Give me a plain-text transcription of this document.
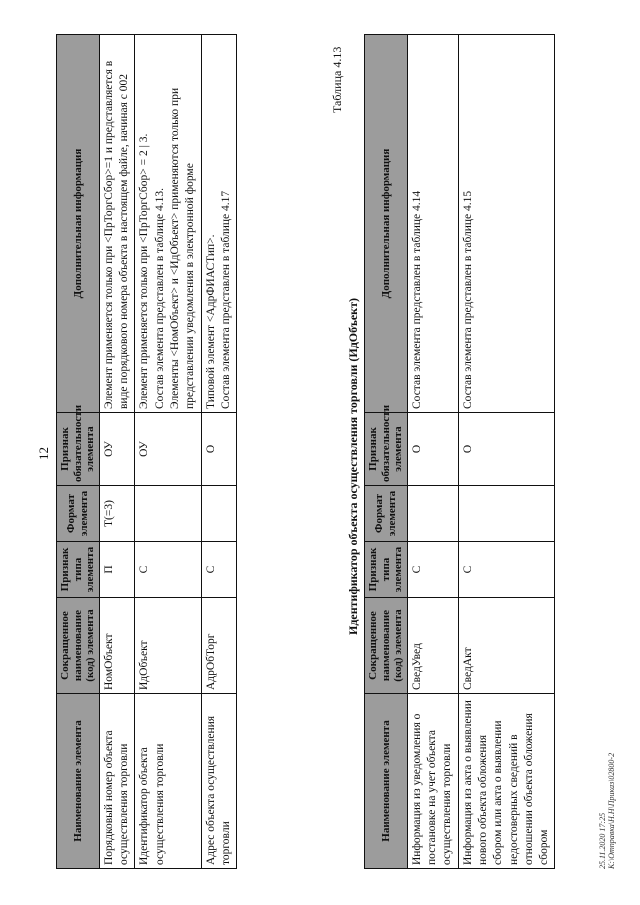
12
Наименование элемента	Сокращенное наименование (код) элемента	Признак типа элемента	Формат элемента	Признак обязательности элемента	Дополнительная информация
Порядковый номер объекта осуществления торговли	НомОбъект	П	T(=3)	ОУ	Элемент применяется только при <ПрТоргСбор>=1 и представляется в виде порядкового номера объекта в настоящем файле, начиная с 002

Идентификатор объекта осуществления торговли	ИдОбъект	С		ОУ	Элемент применяется только при <ПрТоргСбор> = 2 | 3. Состав элемента представлен в таблице 4.13. Элементы <НомОбъект> и <ИдОбъект> применяются только при представлении уведомления в электронной форме

Адрес объекта осуществления торговли	АдрОбТорг	С		О	Типовой элемент <АдрФИАСТип>. Состав элемента представлен в таблице 4.17

Таблица 4.13
Идентификатор объекта осуществления торговли (ИдОбъект)
Наименование элемента	Сокращенное наименование (код) элемента	Признак типа элемента	Формат элемента	Признак обязательности элемента	Дополнительная информация
Информация из уведомления о постановке на учет объекта осуществления торговли	СведУвед	С		О	Состав элемента представлен в таблице 4.14

Информация из акта о выявлении нового объекта обложения сбором или акта о выявлении недостоверных сведений в отношении объекта обложения сбором	СведАкт	С		О	Состав элемента представлен в таблице 4.15

25.11.2020 17:25 К:\Отправка\Н.Н\Приказ\02800-2
